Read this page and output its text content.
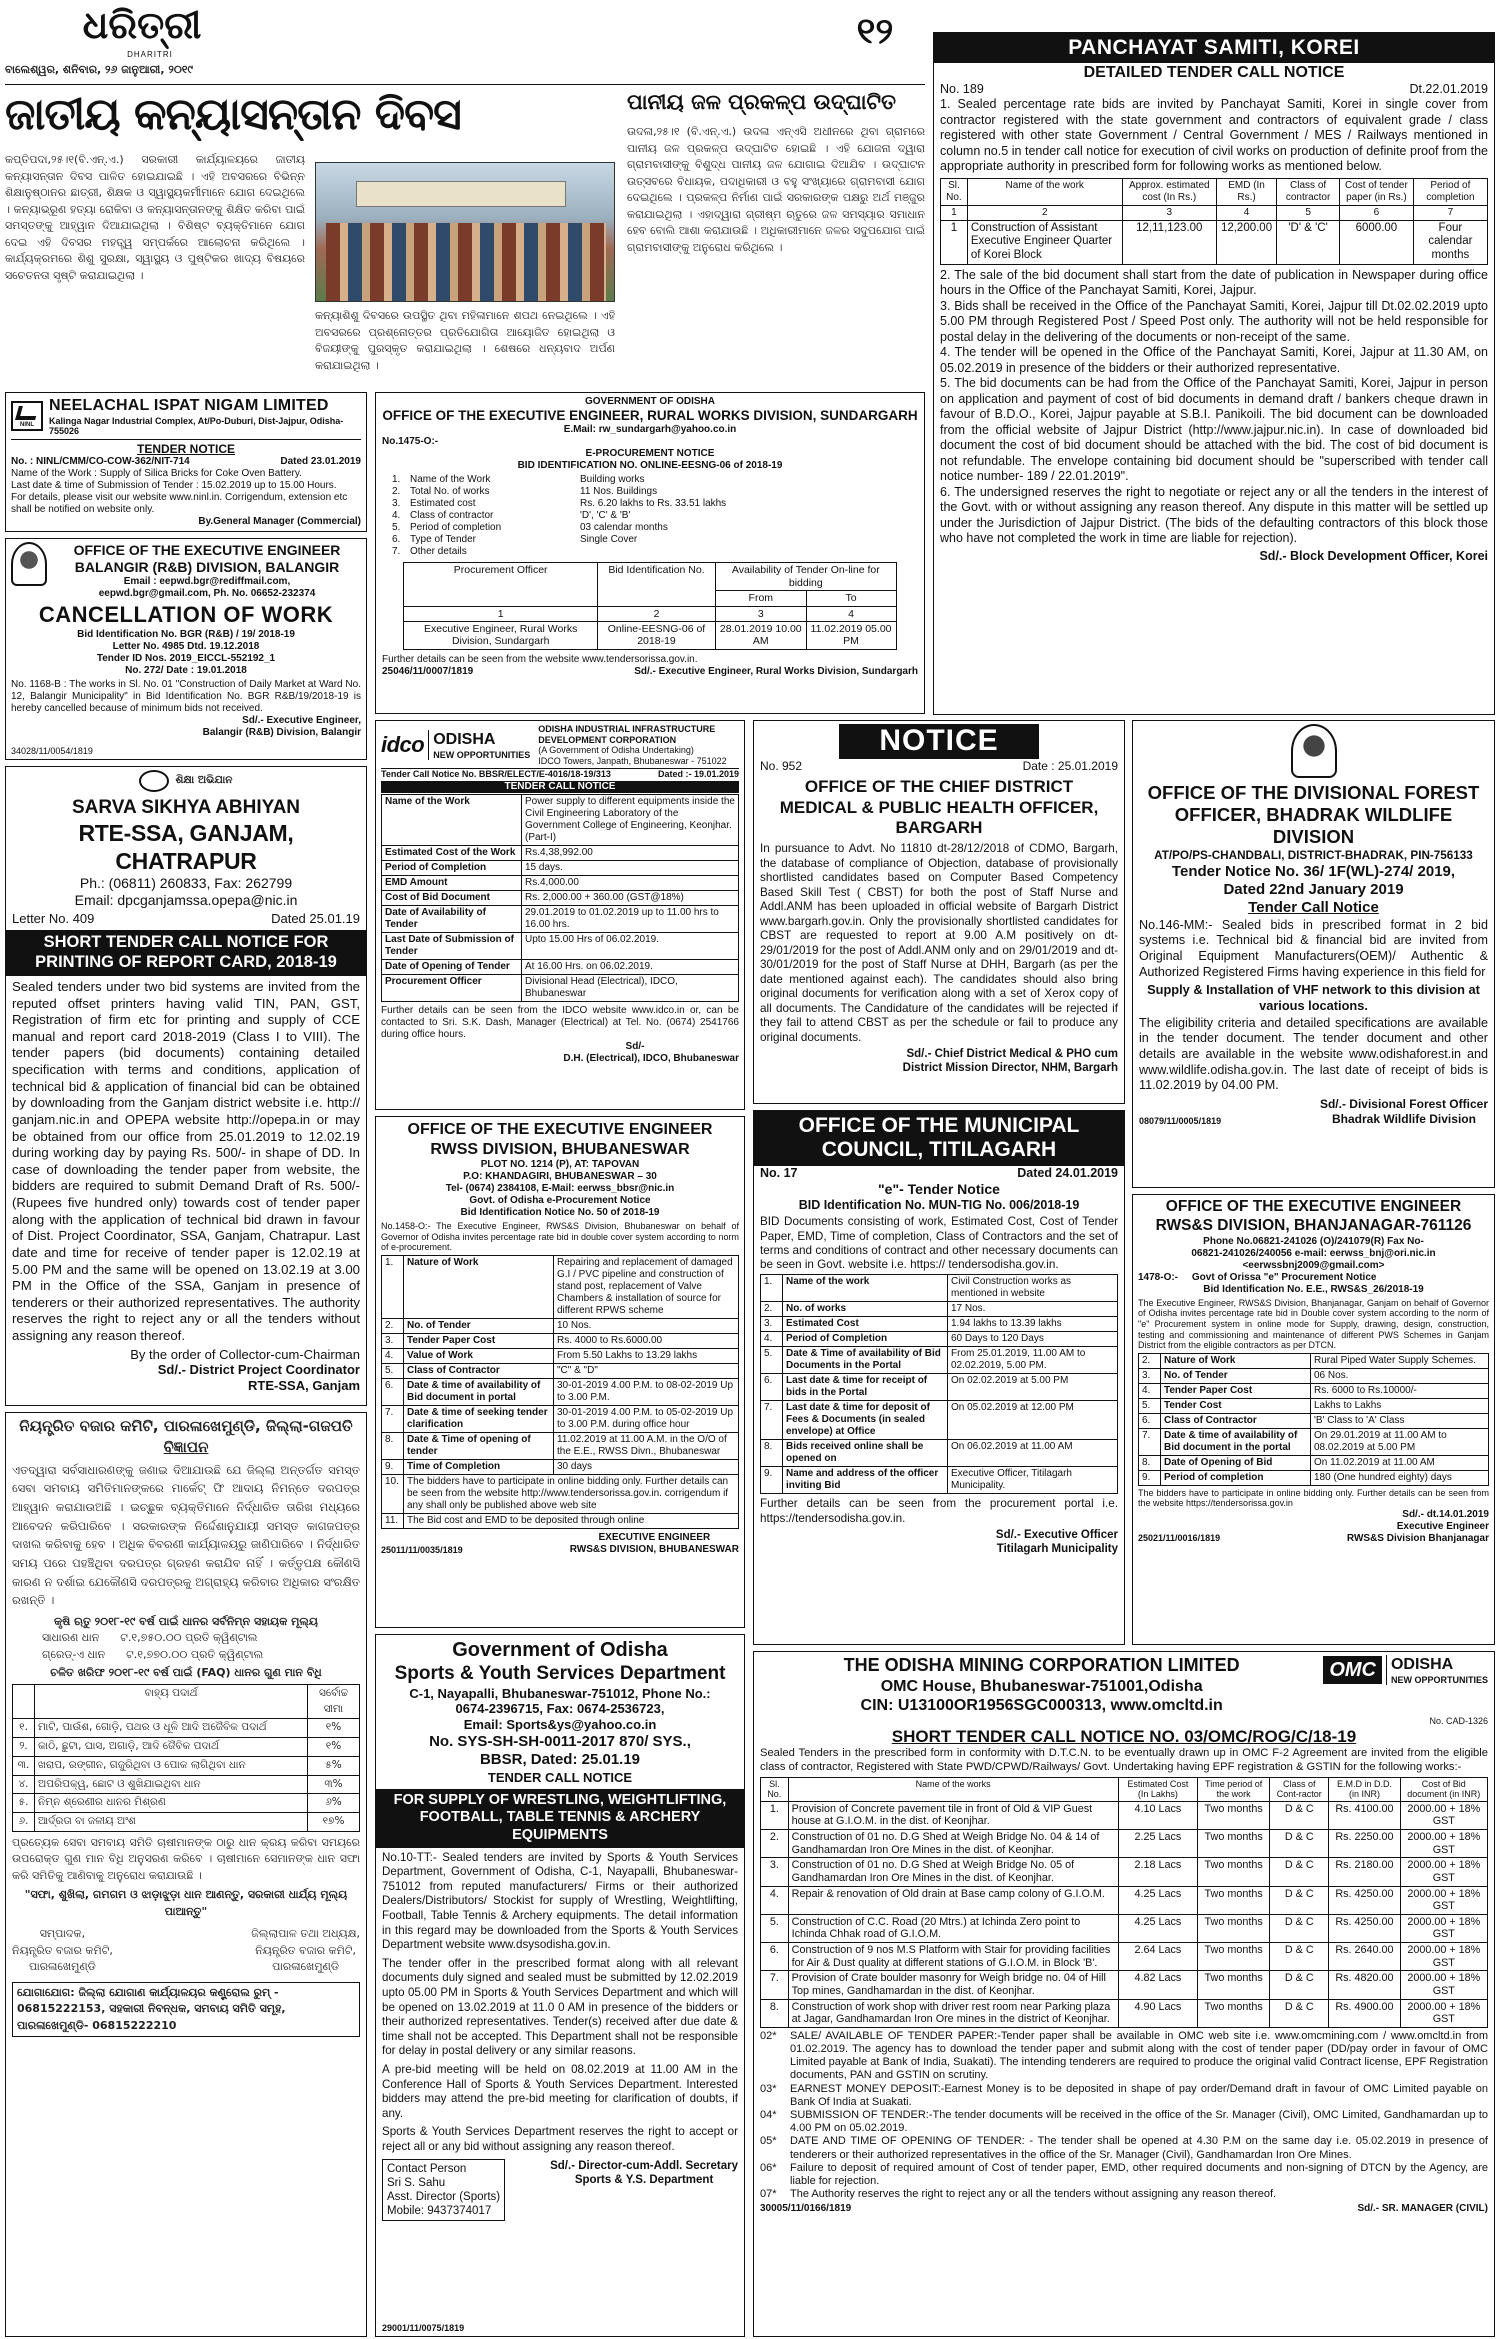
ଧରିତ୍ରୀ
DHARITRI
ବାଲେଶ୍ୱର, ଶନିବାର, ୨୬ ଜାନୁଆରୀ, ୨୦୧୯
୧୨
ଜାତୀୟ କନ୍ୟାସନ୍ତାନ ଦିବସ
କପ୍ତିପଦା,୨୫।୧(ବି.ଏନ୍.ଏ.) ସରକାରୀ କାର୍ଯ୍ୟାଳୟରେ ଜାତୀୟ କନ୍ୟାସନ୍ତାନ ଦିବସ ପାଳିତ ହୋଇଯାଇଛି । ଏହି ଅବସରରେ ବିଭିନ୍ନ ଶିକ୍ଷାନୁଷ୍ଠାନର ଛାତ୍ରୀ, ଶିକ୍ଷକ ଓ ସ୍ୱାସ୍ଥ୍ୟକର୍ମୀମାନେ ଯୋଗ ଦେଇଥିଲେ । କନ୍ୟାଭ୍ରୂଣ ହତ୍ୟା ରୋକିବା ଓ କନ୍ୟାସନ୍ତାନଙ୍କୁ ଶିକ୍ଷିତ କରିବା ପାଇଁ ସମସ୍ତଙ୍କୁ ଆହ୍ୱାନ ଦିଆଯାଇଥିଲା । ବିଶିଷ୍ଟ ବ୍ୟକ୍ତିମାନେ ଯୋଗ ଦେଇ ଏହି ଦିବସର ମହତ୍ତ୍ୱ ସମ୍ପର୍କରେ ଆଲୋଚନା କରିଥିଲେ । କାର୍ଯ୍ୟକ୍ରମରେ ଶିଶୁ ସୁରକ୍ଷା, ସ୍ୱାସ୍ଥ୍ୟ ଓ ପୁଷ୍ଟିକର ଖାଦ୍ୟ ବିଷୟରେ ସଚେତନତା ସୃଷ୍ଟି କରାଯାଇଥିଲା ।
କନ୍ୟାଶିଶୁ ଦିବସରେ ଉପସ୍ଥିତ ଥିବା ମହିଳାମାନେ ଶପଥ ନେଇଥିଲେ । ଏହି ଅବସରରେ ପ୍ରଶ୍ନୋତ୍ତର ପ୍ରତିଯୋଗିତା ଆୟୋଜିତ ହୋଇଥିଲା ଓ ବିଜୟୀଙ୍କୁ ପୁରସ୍କୃତ କରାଯାଇଥିଲା । ଶେଷରେ ଧନ୍ୟବାଦ ଅର୍ପଣ କରାଯାଇଥିଲା ।
ପାନୀୟ ଜଳ ପ୍ରକଳ୍ପ ଉଦ୍‌ଘାଟିତ
ଉଦଳା,୨୫।୧ (ବି.ଏନ୍.ଏ.) ଉଦଳା ଏନ୍‌ଏସି ଅଧୀନରେ ଥିବା ଗ୍ରାମରେ ପାନୀୟ ଜଳ ପ୍ରକଳ୍ପ ଉଦ୍‌ଘାଟିତ ହୋଇଛି । ଏହି ଯୋଜନା ଦ୍ୱାରା ଗ୍ରାମବାସୀଙ୍କୁ ବିଶୁଦ୍ଧ ପାନୀୟ ଜଳ ଯୋଗାଇ ଦିଆଯିବ । ଉଦ୍‌ଘାଟନ ଉତ୍ସବରେ ବିଧାୟକ, ପଦାଧିକାରୀ ଓ ବହୁ ସଂଖ୍ୟାରେ ଗ୍ରାମବାସୀ ଯୋଗ ଦେଇଥିଲେ । ପ୍ରକଳ୍ପ ନିର୍ମାଣ ପାଇଁ ସରକାରଙ୍କ ପକ୍ଷରୁ ଅର୍ଥ ମଞ୍ଜୁର କରାଯାଇଥିଲା । ଏହାଦ୍ୱାରା ଗ୍ରୀଷ୍ମ ଋତୁରେ ଜଳ ସମସ୍ୟାର ସମାଧାନ ହେବ ବୋଲି ଆଶା କରାଯାଉଛି । ଅଧିକାରୀମାନେ ଜଳର ସଦୁପଯୋଗ ପାଇଁ ଗ୍ରାମବାସୀଙ୍କୁ ଅନୁରୋଧ କରିଥିଲେ ।
NINL
NEELACHAL ISPAT NIGAM LIMITED
Kalinga Nagar Industrial Complex, At/Po-Duburi, Dist-Jajpur, Odisha-755026
TENDER NOTICE
No. : NINL/CMM/CO-COW-362/NIT-714	Dated 23.01.2019
Name of the Work : Supply of Silica Bricks for Coke Oven Battery.
Last date & time of Submission of Tender : 15.02.2019 up to 15.00 Hours.
For details, please visit our website www.ninl.in. Corrigendum, extension etc shall be notified on website only.
By.General Manager (Commercial)
OFFICE OF THE EXECUTIVE ENGINEER
BALANGIR (R&B) DIVISION, BALANGIR
Email : eepwd.bgr@rediffmail.com,
eepwd.bgr@gmail.com, Ph. No. 06652-232374
CANCELLATION OF WORK
Bid Identification No. BGR (R&B) / 19/ 2018-19
Letter No. 4985 Dtd. 19.12.2018
Tender ID Nos. 2019_EICCL-552192_1
No. 272/ Date : 19.01.2018
No. 1168-B : The works in Sl. No. 01 "Construction of Daily Market at Ward No. 12, Balangir Municipality" in Bid Identification No. BGR R&B/19/2018-19 is hereby cancelled because of minimum bids not received.
Sd/.- Executive Engineer,
Balangir (R&B) Division, Balangir
34028/11/0054/1819
ଶିକ୍ଷା ଅଭିଯାନ
SARVA SIKHYA ABHIYAN
RTE-SSA, GANJAM, CHATRAPUR
Ph.: (06811) 260833, Fax: 262799
Email: dpcganjamssa.opepa@nic.in
Letter No. 409	Dated 25.01.19
SHORT TENDER CALL NOTICE FOR PRINTING OF REPORT CARD, 2018-19
Sealed tenders under two bid systems are invited from the reputed offset printers having valid TIN, PAN, GST, Registration of firm etc for printing and supply of CCE manual and report card 2018-2019 (Class I to VIII). The tender papers (bid documents) containing detailed specification with terms and conditions, application of technical bid & application of financial bid can be obtained by downloading from the Ganjam district website i.e. http:// ganjam.nic.in and OPEPA website http://opepa.in or may be obtained from our office from 25.01.2019 to 12.02.19 during working day by paying Rs. 500/- in shape of DD. In case of downloading the tender paper from website, the bidders are required to submit Demand Draft of Rs. 500/- (Rupees five hundred only) towards cost of tender paper along with the application of technical bid drawn in favour of Dist. Project Coordinator, SSA, Ganjam, Chatrapur. Last date and time for receive of tender paper is 12.02.19 at 5.00 PM and the same will be opened on 13.02.19 at 3.00 PM in the Office of the SSA, Ganjam in presence of tenderers or their authorized representatives. The authority reserves the right to reject any or all the tenders without assigning any reason thereof.
By the order of Collector-cum-Chairman
Sd/.- District Project Coordinator
RTE-SSA, Ganjam
ନିୟନ୍ତ୍ରିତ ବଜାର କମିଟି, ପାରଳାଖେମୁଣ୍ଡି, ଜିଲ୍ଲା-ଗଜପତି
ବିଜ୍ଞାପନ
ଏତଦ୍ୱାରା ସର୍ବସାଧାରଣଙ୍କୁ ଜଣାଇ ଦିଆଯାଉଛି ଯେ ଜିଲ୍ଲା ଅନ୍ତର୍ଗତ ସମସ୍ତ ସେବା ସମବାୟ ସମିତିମାନଙ୍କରେ ମାର୍କେଟ୍ ଫି ଆଦାୟ ନିମନ୍ତେ ଦରପତ୍ର ଆହ୍ୱାନ କରାଯାଉଅଛି । ଇଚ୍ଛୁକ ବ୍ୟକ୍ତିମାନେ ନିର୍ଦ୍ଧାରିତ ତାରିଖ ମଧ୍ୟରେ ଆବେଦନ କରିପାରିବେ । ସରକାରଙ୍କ ନିର୍ଦ୍ଦେଶାନୁଯାୟୀ ସମସ୍ତ କାଗଜପତ୍ର ଦାଖଲ କରିବାକୁ ହେବ । ଅଧିକ ବିବରଣୀ କାର୍ଯ୍ୟାଳୟରୁ ଜାଣିପାରିବେ । ନିର୍ଦ୍ଧାରିତ ସମୟ ପରେ ପହଞ୍ଚିଥିବା ଦରପତ୍ର ଗ୍ରହଣ କରାଯିବ ନାହିଁ । କର୍ତ୍ତୃପକ୍ଷ କୌଣସି କାରଣ ନ ଦର୍ଶାଇ ଯେକୌଣସି ଦରପତ୍ରକୁ ଅଗ୍ରାହ୍ୟ କରିବାର ଅଧିକାର ସଂରକ୍ଷିତ ରଖନ୍ତି ।
କୃଷି ଋତୁ ୨୦୧୮-୧୯ ବର୍ଷ ପାଇଁ ଧାନର ସର୍ବନିମ୍ନ ସହାୟକ ମୂଲ୍ୟ
ସାଧାରଣ ଧାନ      ଟ.୧,୭୫୦.୦୦ ପ୍ରତି କ୍ୱିଣ୍ଟାଲ
ଗ୍ରେଡ୍-ଏ ଧାନ      ଟ.୧,୭୭୦.୦୦ ପ୍ରତି କ୍ୱିଣ୍ଟାଲ
ଚଳିତ ଖରିଫ ୨୦୧୮-୧୯ ବର୍ଷ ପାଇଁ (FAQ) ଧାନର ଗୁଣ ମାନ ବିଧି
	ବାହ୍ୟ ପଦାର୍ଥ	ସର୍ବୋଚ୍ଚ ସୀମା
୧.	ମାଟି, ପାଉଁଶ, ଗୋଡ଼ି, ପଥର ଓ ଧୂଳି ଆଦି ଅଜୈବିକ ପଦାର୍ଥ	୧%
୨.	କାଠି, ଛୁଟା, ଘାସ, ଅଗାଡ଼ି, ଆଦି ଜୈବିକ ପଦାର୍ଥ	୧%
୩.	ଖରାପ, ରଙ୍ଗୀନ, ଗଜୁରିଥିବା ଓ ପୋକ ଲାଗିଥିବା ଧାନ	୫%
୪.	ଅପରିପକ୍ୱ, ଛୋଟ ଓ ଶୁଖିଯାଇଥିବା ଧାନ	୩%
୫.	ନିମ୍ନ ଶ୍ରେଣୀର ଧାନର ମିଶ୍ରଣ	୬%
୬.	ଆର୍ଦ୍ରତା ବା ଜଳୀୟ ଅଂଶ	୧୭%
ପ୍ରତ୍ୟେକ ସେବା ସମବାୟ ସମିତି ଚାଷୀମାନଙ୍କ ଠାରୁ ଧାନ କ୍ରୟ କରିବା ସମୟରେ ଉପରୋକ୍ତ ଗୁଣ ମାନ ବିଧି ଅନୁସରଣ କରିବେ । ଚାଷୀମାନେ ସେମାନଙ୍କ ଧାନ ସଫା କରି ସମିତିକୁ ଆଣିବାକୁ ଅନୁରୋଧ କରାଯାଉଛି ।
"ସଫା, ଶୁଖିଲା, ଗମଗମ ଓ ଝାଡ଼ାଝୁଡ଼ା ଧାନ ଆଣନ୍ତୁ, ସରକାରୀ ଧାର୍ଯ୍ୟ ମୂଲ୍ୟ ପାଆନ୍ତୁ"
ସମ୍ପାଦକ,
ନିୟନ୍ତ୍ରିତ ବଜାର କମିଟି,
ପାରଳାଖେମୁଣ୍ଡି
ଜିଲ୍ଲାପାଳ ତଥା ଅଧ୍ୟକ୍ଷ,
ନିୟନ୍ତ୍ରିତ ବଜାର କମିଟି,
ପାରଳାଖେମୁଣ୍ଡି
ଯୋଗାଯୋଗ: ଜିଲ୍ଲା ଯୋଗାଣ କାର୍ଯ୍ୟାଳୟର କଣ୍ଟ୍ରୋଲ ରୁମ୍ -
06815222153, ସହକାରୀ ନିବନ୍ଧକ, ସମବାୟ ସମିତି ସମୂହ,
ପାରଳାଖେମୁଣ୍ଡି- 06815222210
GOVERNMENT OF ODISHA
OFFICE OF THE EXECUTIVE ENGINEER, RURAL WORKS DIVISION, SUNDARGARH
E.Mail: rw_sundargarh@yahoo.co.in
No.1475-O:-
E-PROCUREMENT NOTICE
BID IDENTIFICATION NO. ONLINE-EESNG-06 of 2018-19
1. Name of the Work	Building works
2. Total No. of works	11 Nos. Buildings
3. Estimated cost	Rs. 6.20 lakhs to Rs. 33.51 lakhs
4. Class of contractor	'D', 'C' & 'B'
5. Period of completion	03 calendar months
6. Type of Tender	Single Cover
7. Other details
Procurement Officer	Bid Identification No.	Availability of Tender On-line for bidding	
		From	To
1	2	3	4
Executive Engineer, Rural Works Division, Sundargarh	Online-EESNG-06 of 2018-19	28.01.2019 10.00 AM	11.02.2019 05.00 PM
Further details can be seen from the website www.tendersorissa.gov.in.
25046/11/0007/1819	Sd/.- Executive Engineer, Rural Works Division, Sundargarh
idco ODISHA
NEW OPPORTUNITIES
ODISHA INDUSTRIAL INFRASTRUCTURE DEVELOPMENT CORPORATION
(A Government of Odisha Undertaking)
IDCO Towers, Janpath, Bhubaneswar - 751022
Tender Call Notice No. BBSR/ELECT/E-4016/18-19/313	Dated :- 19.01.2019
TENDER CALL NOTICE
Name of the Work	Power supply to different equipments inside the Civil Engineering Laboratory of the Government College of Engineering, Keonjhar. (Part-I)
Estimated Cost of the Work	Rs.4,38,992.00
Period of Completion	15 days.
EMD Amount	Rs.4,000.00
Cost of Bid Document	Rs. 2,000.00 + 360.00 (GST@18%)
Date of Availability of Tender	29.01.2019 to 01.02.2019 up to 11.00 hrs to 16.00 hrs.
Last Date of Submission of Tender	Upto 15.00 Hrs of 06.02.2019.
Date of Opening of Tender	At 16.00 Hrs. on 06.02.2019.
Procurement Officer	Divisional Head (Electrical), IDCO, Bhubaneswar
Further details can be seen from the IDCO website www.idco.in or, can be contacted to Sri. S.K. Dash, Manager (Electrical) at Tel. No. (0674) 2541766 during office hours.
Sd/-
D.H. (Electrical), IDCO, Bhubaneswar
OFFICE OF THE EXECUTIVE ENGINEER
RWSS DIVISION, BHUBANESWAR
PLOT NO. 1214 (P), AT: TAPOVAN
P.O: KHANDAGIRI, BHUBANESWAR – 30
Tel- (0674) 2384108, E-Mail: eerwss_bbsr@nic.in
Govt. of Odisha e-Procurement Notice
Bid Identification Notice No. 50 of 2018-19
No.1458-O:- The Executive Engineer, RWS&S Division, Bhubaneswar on behalf of Governor of Odisha invites percentage rate bid in double cover system according to norm of e-procurement.
1.	Nature of Work	Repairing and replacement of damaged G.I / PVC pipeline and construction of stand post, replacement of Valve Chambers & installation of source for different RPWS scheme
2.	No. of Tender	10 Nos.
3.	Tender Paper Cost	Rs. 4000 to Rs.6000.00
4.	Value of Work	From 5.50 Lakhs to 13.29 lakhs
5.	Class of Contractor	"C" & "D"
6.	Date & time of availability of Bid document in portal	30-01-2019 4.00 P.M. to 08-02-2019 Up to 3.00 P.M.
7.	Date & time of seeking tender clarification	30-01-2019 4.00 P.M. to 05-02-2019 Up to 3.00 P.M. during office hour
8.	Date & Time of opening of tender	11.02.2019 at 11.00 A.M. in the O/O of the E.E., RWSS Divn., Bhubaneswar
9.	Time of Completion	30 days
10.	The bidders have to participate in online bidding only. Further details can be seen from the website http://www.tendersorissa.gov.in. corrigendum if any shall only be published above web site	
11.	The Bid cost and EMD to be deposited through online	
25011/11/0035/1819
EXECUTIVE ENGINEER
RWS&S DIVISION, BHUBANESWAR
Government of Odisha
Sports & Youth Services Department
C-1, Nayapalli, Bhubaneswar-751012, Phone No.:
0674-2396715, Fax: 0674-2536723,
Email: Sports&ys@yahoo.co.in
No. SYS-SH-SH-0011-2017 870/ SYS.,
BBSR, Dated: 25.01.19
TENDER CALL NOTICE
FOR SUPPLY OF WRESTLING, WEIGHTLIFTING, FOOTBALL, TABLE TENNIS & ARCHERY EQUIPMENTS
No.10-TT:- Sealed tenders are invited by Sports & Youth Services Department, Government of Odisha, C-1, Nayapalli, Bhubaneswar-751012 from reputed manufacturers/ Firms or their authorized Dealers/Distributors/ Stockist for supply of Wrestling, Weightlifting, Football, Table Tennis & Archery equipments. The detail information in this regard may be downloaded from the Sports & Youth Services Department website www.dsysodisha.gov.in.
The tender offer in the prescribed format along with all relevant documents duly signed and sealed must be submitted by 12.02.2019 upto 05.00 PM in Sports & Youth Services Department and which will be opened on 13.02.2019 at 11.0 0 AM in presence of the bidders or their authorized representatives. Tender(s) received after due date & time shall not be accepted. This Department shall not be responsible for delay in postal delivery or any similar reasons.
A pre-bid meeting will be held on 08.02.2019 at 11.00 AM in the Conference Hall of Sports & Youth Services Department. Interested bidders may attend the pre-bid meeting for clarification of doubts, if any.
Sports & Youth Services Department reserves the right to accept or reject all or any bid without assigning any reason thereof.
Contact Person
Sri S. Sahu
Asst. Director (Sports)
Mobile: 9437374017
Sd/.- Director-cum-Addl. Secretary
Sports & Y.S. Department
29001/11/0075/1819
PANCHAYAT SAMITI, KOREI
DETAILED TENDER CALL NOTICE
No. 189	Dt.22.01.2019
1. Sealed percentage rate bids are invited by Panchayat Samiti, Korei in single cover from contractor registered with the state government and contractors of equivalent grade / class registered with other state Government / Central Government / MES / Railways mentioned in column no.5 in tender call notice for execution of civil works on production of definite proof from the appropriate authority in prescribed form for following works as mentioned below.
Sl. No.	Name of the work	Approx. estimated cost (In Rs.)	EMD (In Rs.)	Class of contractor	Cost of tender paper (in Rs.)	Period of completion
1	2	3	4	5	6	7
1	Construction of Assistant Executive Engineer Quarter of Korei Block	12,11,123.00	12,200.00	'D' & 'C'	6000.00	Four calendar months
2. The sale of the bid document shall start from the date of publication in Newspaper during office hours in the Office of the Panchayat Samiti, Korei, Jajpur.
3. Bids shall be received in the Office of the Panchayat Samiti, Korei, Jajpur till Dt.02.02.2019 upto 5.00 PM through Registered Post / Speed Post only. The authority will not be held responsible for postal delay in the delivering of the documents or non-receipt of the same.
4. The tender will be opened in the Office of the Panchayat Samiti, Korei, Jajpur at 11.30 AM, on 05.02.2019 in presence of the bidders or their authorized representative.
5. The bid documents can be had from the Office of the Panchayat Samiti, Korei, Jajpur in person on application and payment of cost of bid documents in demand draft / bankers cheque drawn in favour of B.D.O., Korei, Jajpur payable at S.B.I. Panikoili. The bid document can be downloaded from the official website of Jajpur District (http://www.jajpur.nic.in). In case of downloaded bid document the cost of bid document should be attached with the bid. The cost of bid document is not refundable. The envelope containing bid document should be "superscribed with tender call notice number- 189 / 22.01.2019".
6. The undersigned reserves the right to negotiate or reject any or all the tenders in the interest of the Govt. with or without assigning any reason thereof. Any dispute in this matter will be settled up under the Jurisdiction of Jajpur District. (The bids of the defaulting contractors of this block those who have not completed the work in time are liable for rejection).
Sd/.- Block Development Officer, Korei
NOTICE
No. 952	Date : 25.01.2019
OFFICE OF THE CHIEF DISTRICT MEDICAL & PUBLIC HEALTH OFFICER, BARGARH
In pursuance to Advt. No 11810 dt-28/12/2018 of CDMO, Bargarh, the database of compliance of Objection, database of provisionally shortlisted candidates based on Computer Based Competency Based Skill Test ( CBST) for both the post of Staff Nurse and Addl.ANM has been uploaded in official website of Bargarh District www.bargarh.gov.in. Only the provisionally shortlisted candidates for CBST are requested to report at 9.00 A.M positively on dt- 29/01/2019 for the post of Addl.ANM only and on 29/01/2019 and dt- 30/01/2019 for the post of Staff Nurse at DHH, Bargarh (as per the date mentioned against each). The candidates should also bring original documents for verification along with a set of Xerox copy of all documents. The Candidature of the candidates will be rejected if they fail to attend CBST as per the schedule or fail to produce any original documents.
Sd/.- Chief District Medical & PHO cum
District Mission Director, NHM, Bargarh
OFFICE OF THE MUNICIPAL COUNCIL, TITILAGARH
No. 17	Dated 24.01.2019
"e"- Tender Notice
BID Identification No. MUN-TIG No. 006/2018-19
BID Documents consisting of work, Estimated Cost, Cost of Tender Paper, EMD, Time of completion, Class of Contractors and the set of terms and conditions of contract and other necessary documents can be seen in Govt. website i.e. https:// tendersodisha.gov.in.
1.	Name of the work	Civil Construction works as mentioned in website
2.	No. of works	17 Nos.
3.	Estimated Cost	1.94 lakhs to 13.39 lakhs
4.	Period of Completion	60 Days to 120 Days
5.	Date & Time of availability of Bid Documents in the Portal	From 25.01.2019, 11.00 AM to 02.02.2019, 5.00 PM.
6.	Last date & time for receipt of bids in the Portal	On 02.02.2019 at 5.00 PM
7.	Last date & time for deposit of Fees & Documents (in sealed envelope) at Office	On 05.02.2019 at 12.00 PM
8.	Bids received online shall be opened on	On 06.02.2019 at 11.00 AM
9.	Name and address of the officer inviting Bid	Executive Officer, Titilagarh Municipality.
Further details can be seen from the procurement portal i.e. https://tendersodisha.gov.in.
Sd/.- Executive Officer
Titilagarh Municipality
OFFICE OF THE DIVISIONAL FOREST OFFICER, BHADRAK WILDLIFE DIVISION
AT/PO/PS-CHANDBALI, DISTRICT-BHADRAK, PIN-756133
Tender Notice No. 36/ 1F(WL)-274/ 2019,
Dated 22nd January 2019
Tender Call Notice
No.146-MM:- Sealed bids in prescribed format in 2 bid systems i.e. Technical bid & financial bid are invited from Original Equipment Manufacturers(OEM)/ Authentic & Authorized Registered Firms having experience in this field for
Supply & Installation of VHF network to this division at various locations.
The eligibility criteria and detailed specifications are available in the tender document. The tender document and other details are available in the website www.odishaforest.in and www.wildlife.odisha.gov.in. The last date of receipt of bids is 11.02.2019 by 04.00 PM.
08079/11/0005/1819
Sd/.- Divisional Forest Officer
Bhadrak Wildlife Division
OFFICE OF THE EXECUTIVE ENGINEER
RWS&S DIVISION, BHANJANAGAR-761126
Phone No.06821-241026 (O)/241079(R) Fax No-
06821-241026/240056 e-mail: eerwss_bnj@ori.nic.in
<eerwssbnj2009@gmail.com>
1478-O:-     Govt of Orissa "e" Procurement Notice
Bid Identification No. E.E., RWS&S_26/2018-19
The Executive Engineer, RWS&S Division, Bhanjanagar, Ganjam on behalf of Governor of Odisha invites percentage rate bid in Double cover system according to the norm of "e" Procurement system in online mode for Supply, drawing, design, construction, testing and commissioning and maintenance of different PWS Schemes in Ganjam District from the eligible contractors as per DTCN.
2.	Nature of Work	Rural Piped Water Supply Schemes.
3.	No. of Tender	06 Nos.
4.	Tender Paper Cost	Rs. 6000 to Rs.10000/-
5.	Tender Cost	Lakhs to Lakhs
6.	Class of Contractor	'B' Class to 'A' Class
7.	Date & time of availability of Bid document in the portal	On 29.01.2019 at 11.00 AM to 08.02.2019 at 5.00 PM
8.	Date of Opening of Bid	On 11.02.2019 at 11.00 AM
9.	Period of completion	180 (One hundred eighty) days
The bidders have to participate in online bidding only. Further details can be seen from the website https://tendersorissa.gov.in
Sd/.- dt.14.01.2019
Executive Engineer
25021/11/0016/1819	RWS&S Division Bhanjanagar
THE ODISHA MINING CORPORATION LIMITED
OMC House, Bhubaneswar-751001,Odisha
CIN: U13100OR1956SGC000313, www.omcltd.in
OMC ODISHA
NEW OPPORTUNITIES
No. CAD-1326
SHORT TENDER CALL NOTICE NO. 03/OMC/ROG/C/18-19
Sealed Tenders in the prescribed form in conformity with D.T.C.N. to be eventually drawn up in OMC F-2 Agreement are invited from the eligible class of contractor, Registered with State PWD/CPWD/Railways/ Govt. Undertaking having EPF registration & GSTIN for the following works:-
Sl. No.	Name of the works	Estimated Cost (In Lakhs)	Time period of the work	Class of Cont-ractor	E.M.D in D.D. (in INR)	Cost of Bid document (in INR)
1.	Provision of Concrete pavement tile in front of Old & VIP Guest house at G.I.O.M. in the dist. of Keonjhar.	4.10 Lacs	Two months	D & C	Rs. 4100.00	2000.00 + 18% GST
2.	Construction of 01 no. D.G Shed at Weigh Bridge No. 04 & 14 of Gandhamardan Iron Ore Mines in the dist. of Keonjhar.	2.25 Lacs	Two months	D & C	Rs. 2250.00	2000.00 + 18% GST
3.	Construction of 01 no. D.G Shed at Weigh Bridge No. 05 of Gandhamardan Iron Ore Mines in the dist. of Keonjhar.	2.18 Lacs	Two months	D & C	Rs. 2180.00	2000.00 + 18% GST
4.	Repair & renovation of Old drain at Base camp colony of G.I.O.M.	4.25 Lacs	Two months	D & C	Rs. 4250.00	2000.00 + 18% GST
5.	Construction of C.C. Road (20 Mtrs.) at Ichinda Zero point to Ichinda Chhak road of G.I.O.M.	4.25 Lacs	Two months	D & C	Rs. 4250.00	2000.00 + 18% GST
6.	Construction of 9 nos M.S Platform with Stair for providing facilities for Air & Dust quality at different stations of G.I.O.M. in Block 'B'.	2.64 Lacs	Two months	D & C	Rs. 2640.00	2000.00 + 18% GST
7.	Provision of Crate boulder masonry for Weigh bridge no. 04 of Hill Top mines, Gandhamardan in the dist. of Keonjhar.	4.82 Lacs	Two months	D & C	Rs. 4820.00	2000.00 + 18% GST
8.	Construction of work shop with driver rest room near Parking plaza at Jagar, Gandhamardan Iron Ore mines in the district of Keonjhar.	4.90 Lacs	Two months	D & C	Rs. 4900.00	2000.00 + 18% GST
02*	SALE/ AVAILABLE OF TENDER PAPER:-Tender paper shall be available in OMC web site i.e. www.omcmining.com / www.omcltd.in from 01.02.2019. The agency has to download the tender paper and submit along with the cost of tender paper (DD/pay order in favour of OMC Limited payable at Bank of India, Suakati). The intending tenderers are required to produce the original valid Contract license, EPF Registration documents, PAN and GSTIN on scrutiny.
03*	EARNEST MONEY DEPOSIT:-Earnest Money is to be deposited in shape of pay order/Demand draft in favour of OMC Limited payable on Bank Of India at Suakati.
04*	SUBMISSION OF TENDER:-The tender documents will be received in the office of the Sr. Manager (Civil), OMC Limited, Gandhamardan up to 4.00 PM on 05.02.2019.
05*	DATE AND TIME OF OPENING OF TENDER: - The tender shall be opened at 4.30 P.M on the same day i.e. 05.02.2019 in presence of tenderers or their authorized representatives in the office of the Sr. Manager (Civil), Gandhamardan Iron Ore Mines.
06*	Failure to deposit of required amount of Cost of tender paper, EMD, other required documents and non-signing of DTCN by the Agency, are liable for rejection.
07*	The Authority reserves the right to reject any or all the tenders without assigning any reason thereof.
30005/11/0166/1819	Sd/.- SR. MANAGER (CIVIL)
